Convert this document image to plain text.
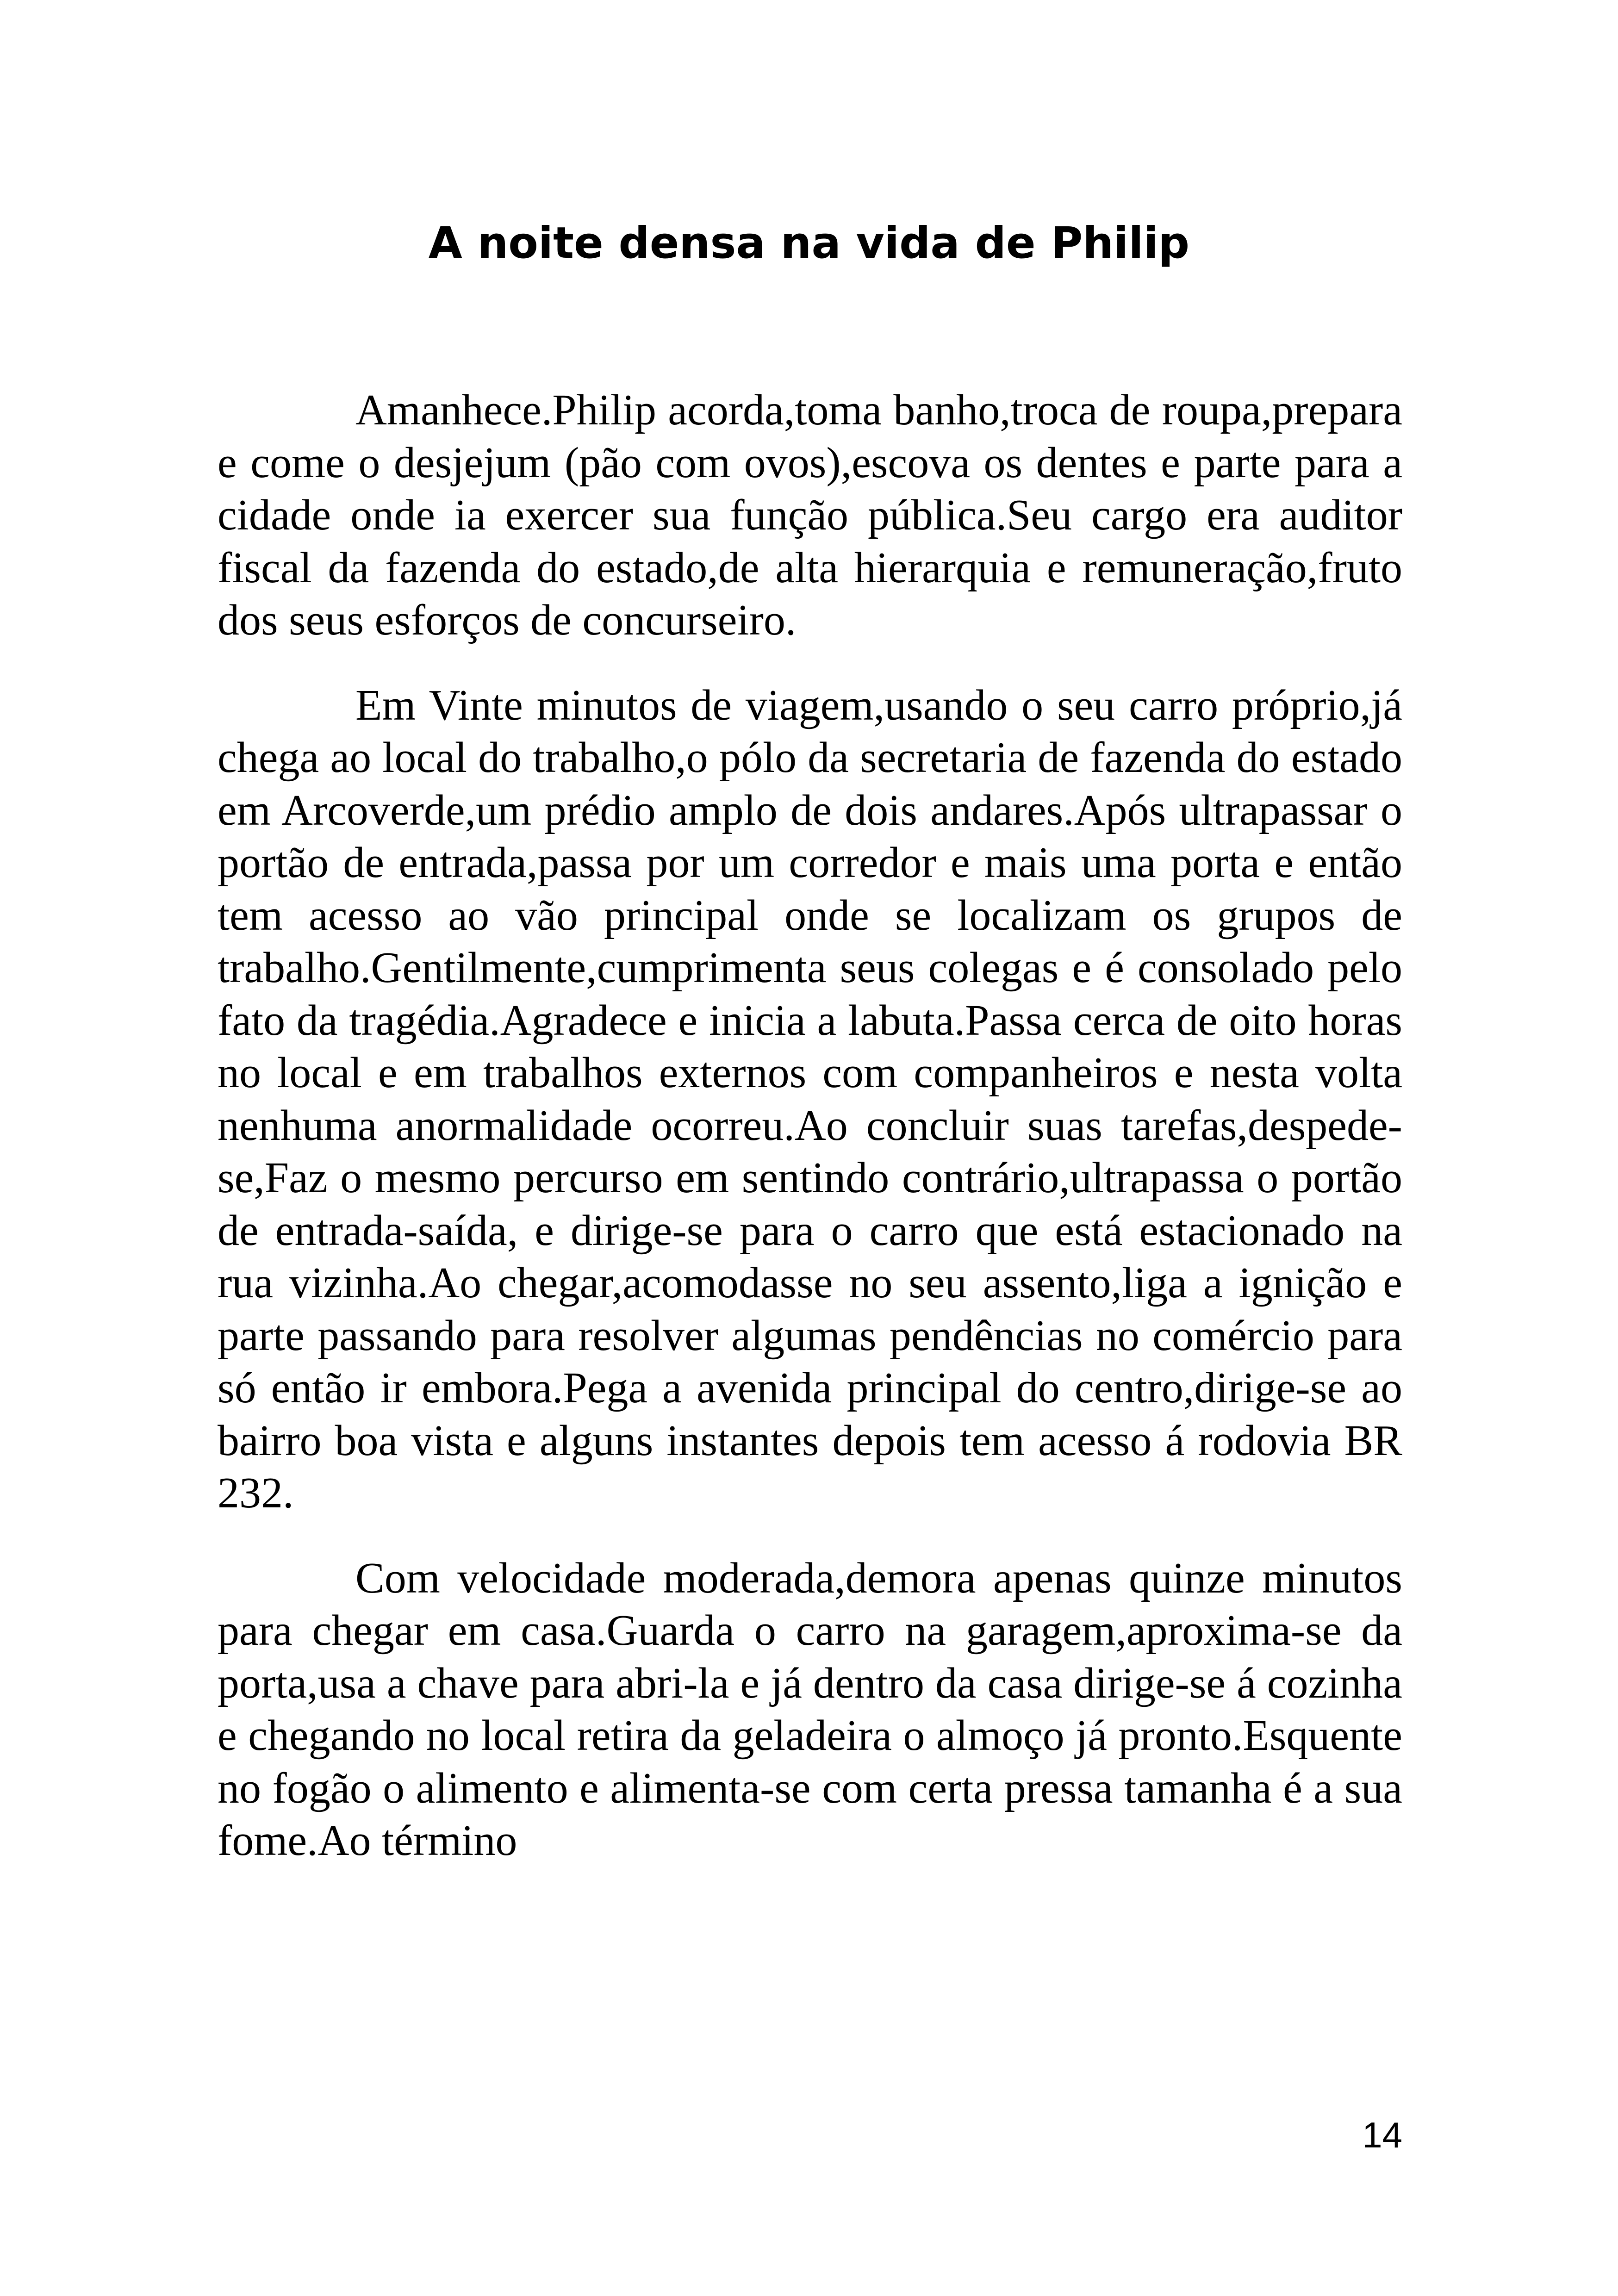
A noite densa na vida de Philip

Amanhece.Philip acorda,toma banho,troca de roupa,prepara e come o desjejum (pão com ovos),escova os dentes e parte para a cidade onde ia exercer sua função pública.Seu cargo era auditor fiscal da fazenda do estado,de alta hierarquia e remuneração,fruto dos seus esforços de concurseiro.

Em Vinte minutos de viagem,usando o seu carro próprio,já chega ao local do trabalho,o pólo da secretaria de fazenda do estado em Arcoverde,um prédio amplo de dois andares.Após ultrapassar o portão de entrada,passa por um corredor e mais uma porta e então tem acesso ao vão principal onde se localizam os grupos de trabalho.Gentilmente,cumprimenta seus colegas e é consolado pelo fato da tragédia.Agradece e inicia a labuta.Passa cerca de oito horas no local e em trabalhos externos com companheiros e nesta volta nenhuma anormalidade ocorreu.Ao concluir suas tarefas,despede-se,Faz o mesmo percurso em sentindo contrário,ultrapassa o portão de entrada-saída, e dirige-se para o carro que está estacionado na rua vizinha.Ao chegar,acomodasse no seu assento,liga a ignição e parte passando para resolver algumas pendências no comércio para só então ir embora.Pega a avenida principal do centro,dirige-se ao bairro boa vista e alguns instantes depois tem acesso á rodovia BR 232.

Com velocidade moderada,demora apenas quinze minutos para chegar em casa.Guarda o carro na garagem,aproxima-se da porta,usa a chave para abri-la e já dentro da casa dirige-se á cozinha e chegando no local retira da geladeira o almoço já pronto.Esquente no fogão o alimento e alimenta-se com certa pressa tamanha é a sua fome.Ao término

14
